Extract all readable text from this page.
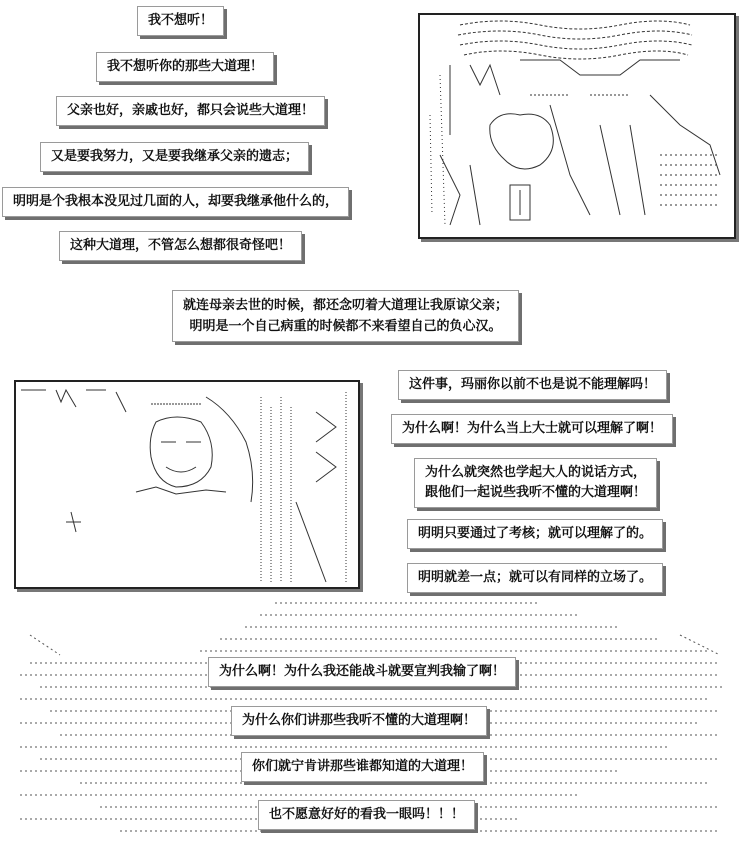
我不想听！
我不想听你的那些大道理！
父亲也好，亲戚也好，都只会说些大道理！
又是要我努力，又是要我继承父亲的遗志；
明明是个我根本没见过几面的人，却要我继承他什么的，
这种大道理，不管怎么想都很奇怪吧！
就连母亲去世的时候，都还念叨着大道理让我原谅父亲；
明明是一个自己病重的时候都不来看望自己的负心汉。
这件事，玛丽你以前不也是说不能理解吗！
为什么啊！为什么当上大士就可以理解了啊！
为什么就突然也学起大人的说话方式，
跟他们一起说些我听不懂的大道理啊！
明明只要通过了考核；就可以理解了的。
明明就差一点；就可以有同样的立场了。
为什么啊！为什么我还能战斗就要宣判我输了啊！
为什么你们讲那些我听不懂的大道理啊！
你们就宁肯讲那些谁都知道的大道理！
也不愿意好好的看我一眼吗！！！
